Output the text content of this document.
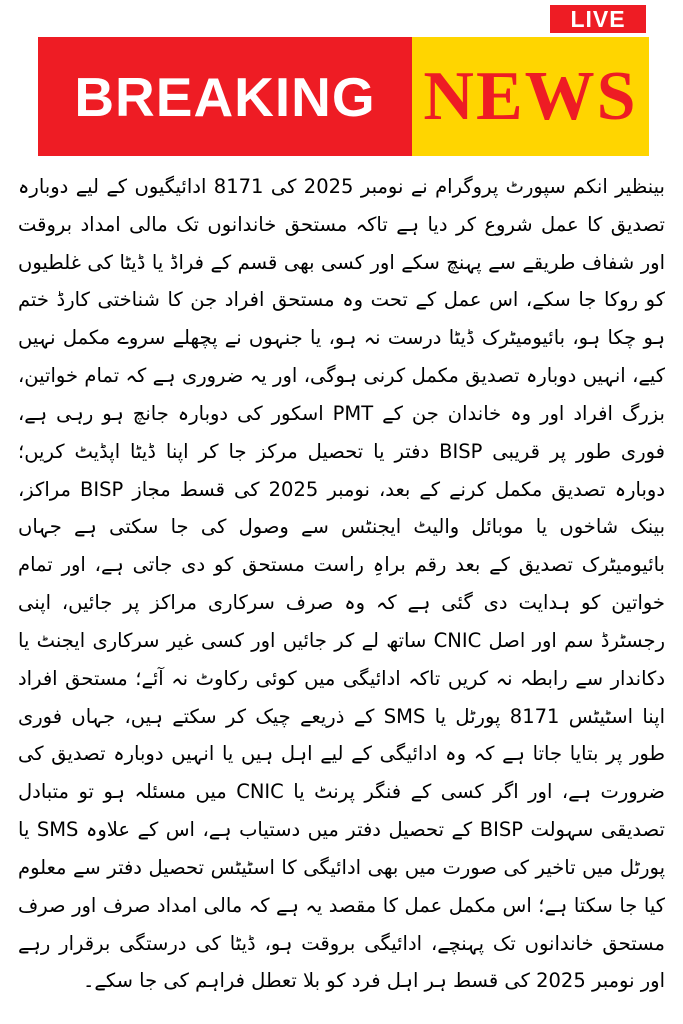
LIVE
BREAKING NEWS

بینظیر انکم سپورٹ پروگرام نے نومبر 2025 کی 8171 ادائیگیوں کے لیے دوبارہ تصدیق کا عمل شروع کر دیا ہے تاکہ مستحق خاندانوں تک مالی امداد بروقت اور شفاف طریقے سے پہنچ سکے اور کسی بھی قسم کے فراڈ یا ڈیٹا کی غلطیوں کو روکا جا سکے، اس عمل کے تحت وہ مستحق افراد جن کا شناختی کارڈ ختم ہو چکا ہو، بائیومیٹرک ڈیٹا درست نہ ہو، یا جنہوں نے پچھلے سروے مکمل نہیں کیے، انہیں دوبارہ تصدیق مکمل کرنی ہوگی، اور یہ ضروری ہے کہ تمام خواتین، بزرگ افراد اور وہ خاندان جن کے PMT اسکور کی دوبارہ جانچ ہو رہی ہے، فوری طور پر قریبی BISP دفتر یا تحصیل مرکز جا کر اپنا ڈیٹا اپڈیٹ کریں؛ دوبارہ تصدیق مکمل کرنے کے بعد، نومبر 2025 کی قسط مجاز BISP مراکز، بینک شاخوں یا موبائل والیٹ ایجنٹس سے وصول کی جا سکتی ہے جہاں بائیومیٹرک تصدیق کے بعد رقم براہِ راست مستحق کو دی جاتی ہے، اور تمام خواتین کو ہدایت دی گئی ہے کہ وہ صرف سرکاری مراکز پر جائیں، اپنی رجسٹرڈ سم اور اصل CNIC ساتھ لے کر جائیں اور کسی غیر سرکاری ایجنٹ یا دکاندار سے رابطہ نہ کریں تاکہ ادائیگی میں کوئی رکاوٹ نہ آئے؛ مستحق افراد اپنا اسٹیٹس 8171 پورٹل یا SMS کے ذریعے چیک کر سکتے ہیں، جہاں فوری طور پر بتایا جاتا ہے کہ وہ ادائیگی کے لیے اہل ہیں یا انہیں دوبارہ تصدیق کی ضرورت ہے، اور اگر کسی کے فنگر پرنٹ یا CNIC میں مسئلہ ہو تو متبادل تصدیقی سہولت BISP کے تحصیل دفتر میں دستیاب ہے، اس کے علاوہ SMS یا پورٹل میں تاخیر کی صورت میں بھی ادائیگی کا اسٹیٹس تحصیل دفتر سے معلوم کیا جا سکتا ہے؛ اس مکمل عمل کا مقصد یہ ہے کہ مالی امداد صرف اور صرف مستحق خاندانوں تک پہنچے، ادائیگی بروقت ہو، ڈیٹا کی درستگی برقرار رہے اور نومبر 2025 کی قسط ہر اہل فرد کو بلا تعطل فراہم کی جا سکے۔
